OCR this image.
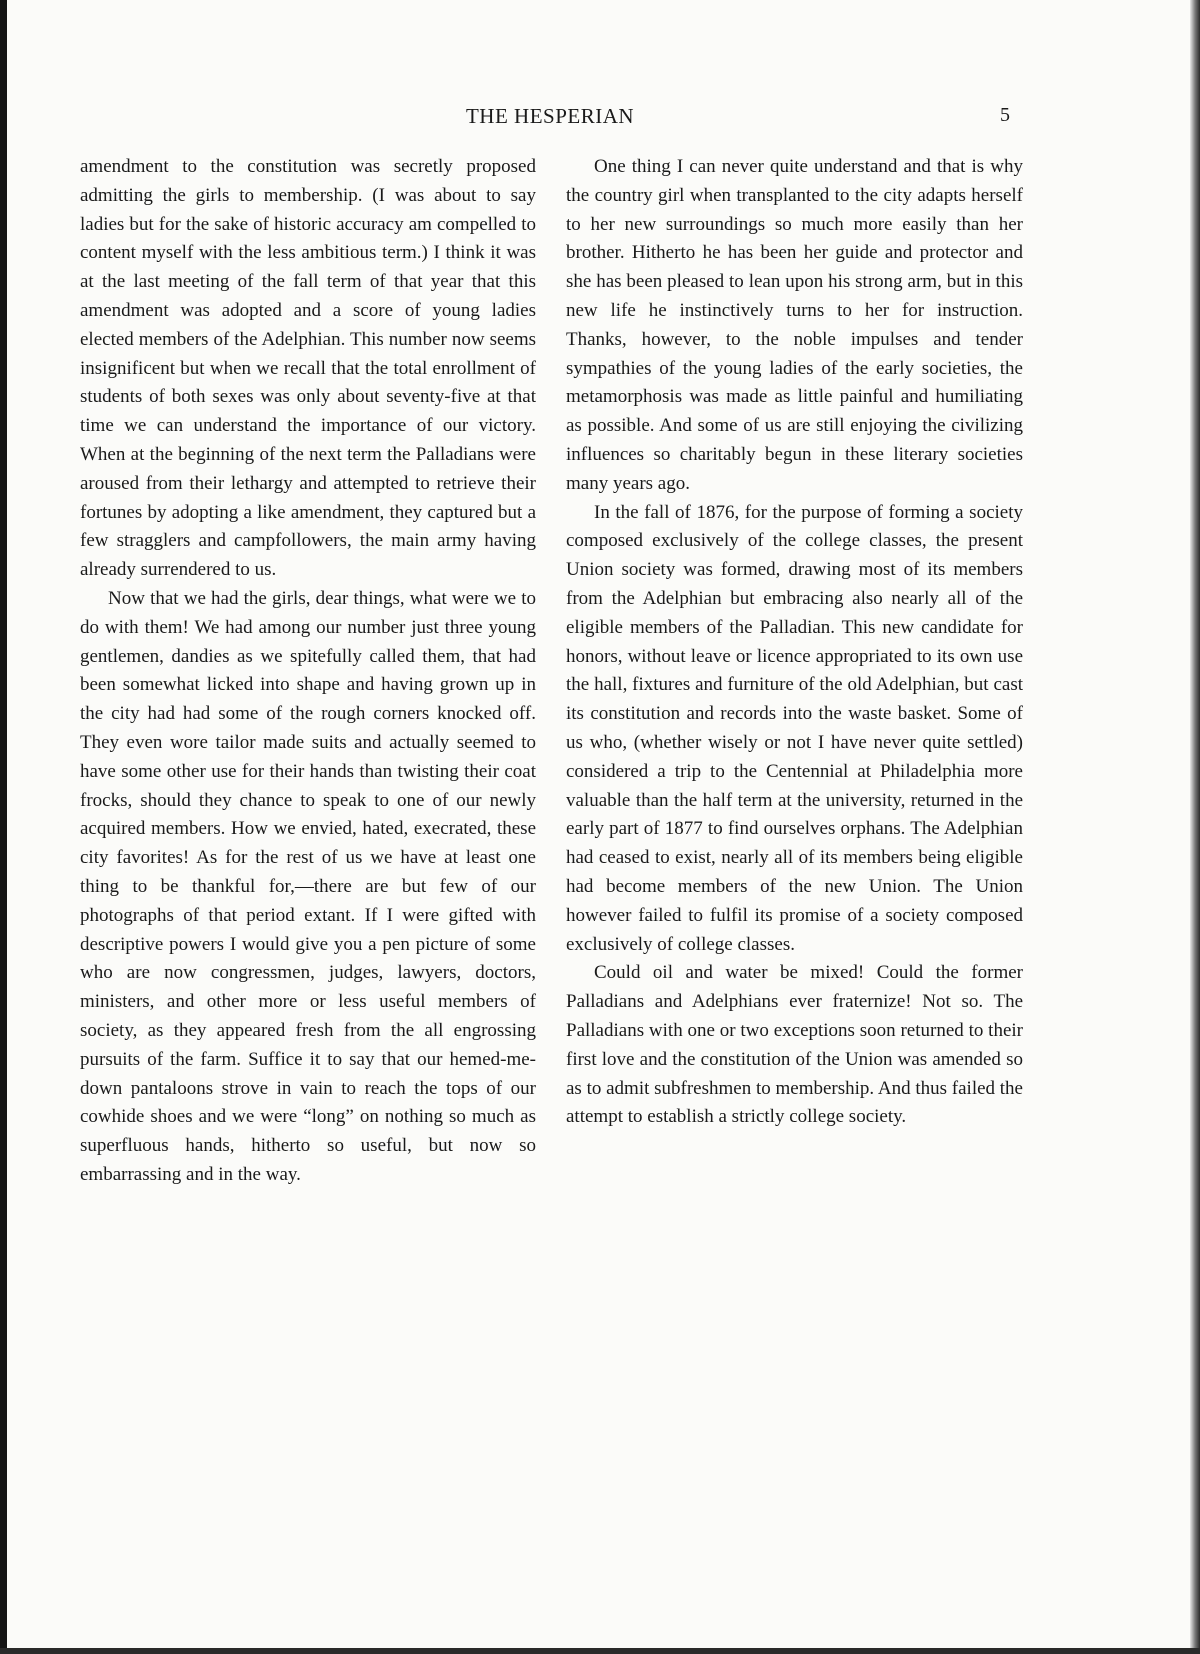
THE HESPERIAN	5

amendment to the constitution was secretly proposed admitting the girls to membership. (I was about to say ladies but for the sake of historic accuracy am compelled to content myself with the less ambitious term.) I think it was at the last meeting of the fall term of that year that this amendment was adopted and a score of young ladies elected members of the Adelphian. This number now seems insignificent but when we recall that the total enrollment of students of both sexes was only about seventy-five at that time we can understand the importance of our victory. When at the beginning of the next term the Palladians were aroused from their lethargy and attempted to retrieve their fortunes by adopting a like amendment, they captured but a few stragglers and campfollowers, the main army having already surrendered to us.

Now that we had the girls, dear things, what were we to do with them! We had among our number just three young gentlemen, dandies as we spitefully called them, that had been somewhat licked into shape and having grown up in the city had had some of the rough corners knocked off. They even wore tailor made suits and actually seemed to have some other use for their hands than twisting their coat frocks, should they chance to speak to one of our newly acquired members. How we envied, hated, execrated, these city favorites! As for the rest of us we have at least one thing to be thankful for,—there are but few of our photographs of that period extant. If I were gifted with descriptive powers I would give you a pen picture of some who are now congressmen, judges, lawyers, doctors, ministers, and other more or less useful members of society, as they appeared fresh from the all engrossing pursuits of the farm. Suffice it to say that our hemed-me-down pantaloons strove in vain to reach the tops of our cowhide shoes and we were “long” on nothing so much as superfluous hands, hitherto so useful, but now so embarrassing and in the way.

One thing I can never quite understand and that is why the country girl when transplanted to the city adapts herself to her new surroundings so much more easily than her brother. Hitherto he has been her guide and protector and she has been pleased to lean upon his strong arm, but in this new life he instinctively turns to her for instruction. Thanks, however, to the noble impulses and tender sympathies of the young ladies of the early societies, the metamorphosis was made as little painful and humiliating as possible. And some of us are still enjoying the civilizing influences so charitably begun in these literary societies many years ago.

In the fall of 1876, for the purpose of forming a society composed exclusively of the college classes, the present Union society was formed, drawing most of its members from the Adelphian but embracing also nearly all of the eligible members of the Palladian. This new candidate for honors, without leave or licence appropriated to its own use the hall, fixtures and furniture of the old Adelphian, but cast its constitution and records into the waste basket. Some of us who, (whether wisely or not I have never quite settled) considered a trip to the Centennial at Philadelphia more valuable than the half term at the university, returned in the early part of 1877 to find ourselves orphans. The Adelphian had ceased to exist, nearly all of its members being eligible had become members of the new Union. The Union however failed to fulfil its promise of a society composed exclusively of college classes.

Could oil and water be mixed! Could the former Palladians and Adelphians ever fraternize! Not so. The Palladians with one or two exceptions soon returned to their first love and the constitution of the Union was amended so as to admit subfreshmen to membership. And thus failed the attempt to establish a strictly college society.
